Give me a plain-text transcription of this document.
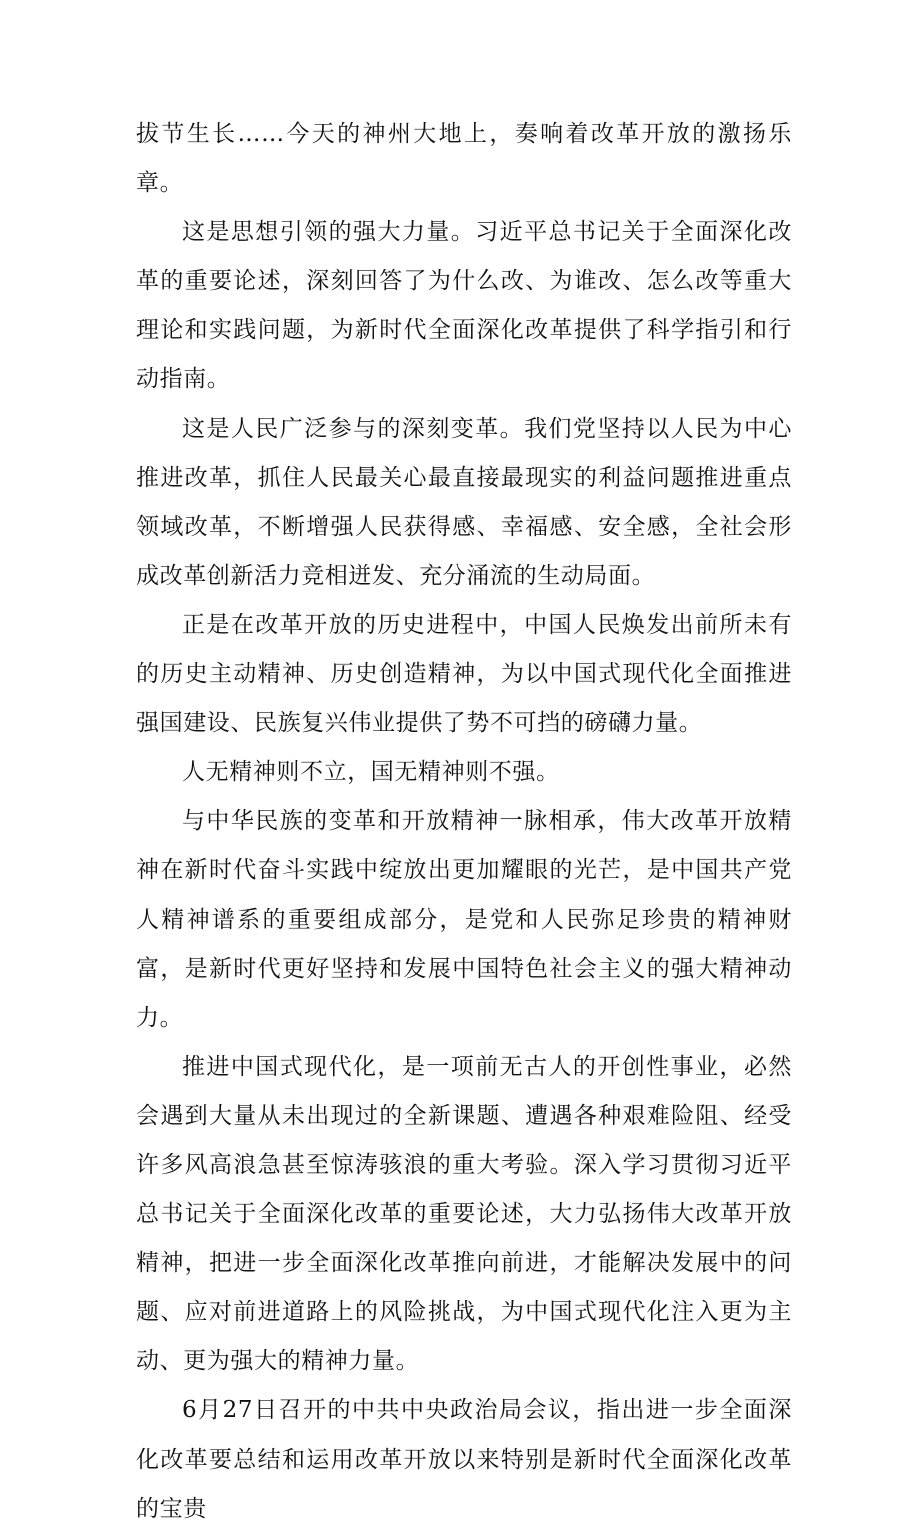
拔节生长……今天的神州大地上，奏响着改革开放的激扬乐章。

这是思想引领的强大力量。习近平总书记关于全面深化改革的重要论述，深刻回答了为什么改、为谁改、怎么改等重大理论和实践问题，为新时代全面深化改革提供了科学指引和行动指南。

这是人民广泛参与的深刻变革。我们党坚持以人民为中心推进改革，抓住人民最关心最直接最现实的利益问题推进重点领域改革，不断增强人民获得感、幸福感、安全感，全社会形成改革创新活力竞相迸发、充分涌流的生动局面。

正是在改革开放的历史进程中，中国人民焕发出前所未有的历史主动精神、历史创造精神，为以中国式现代化全面推进强国建设、民族复兴伟业提供了势不可挡的磅礴力量。

人无精神则不立，国无精神则不强。

与中华民族的变革和开放精神一脉相承，伟大改革开放精神在新时代奋斗实践中绽放出更加耀眼的光芒，是中国共产党人精神谱系的重要组成部分，是党和人民弥足珍贵的精神财富，是新时代更好坚持和发展中国特色社会主义的强大精神动力。

推进中国式现代化，是一项前无古人的开创性事业，必然会遇到大量从未出现过的全新课题、遭遇各种艰难险阻、经受许多风高浪急甚至惊涛骇浪的重大考验。深入学习贯彻习近平总书记关于全面深化改革的重要论述，大力弘扬伟大改革开放精神，把进一步全面深化改革推向前进，才能解决发展中的问题、应对前进道路上的风险挑战，为中国式现代化注入更为主动、更为强大的精神力量。

6月27日召开的中共中央政治局会议，指出进一步全面深化改革要总结和运用改革开放以来特别是新时代全面深化改革的宝贵
